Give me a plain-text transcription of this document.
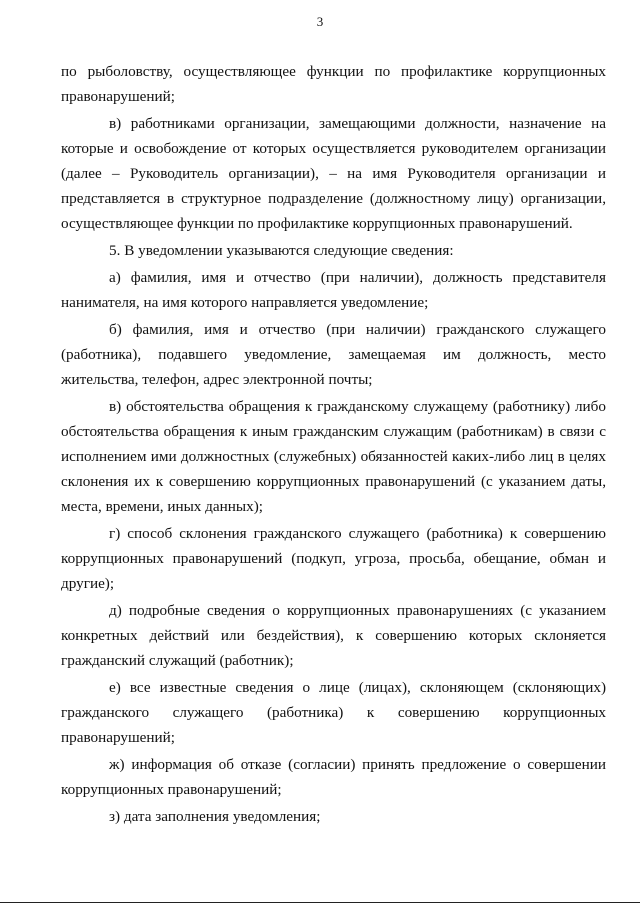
3

по рыболовству, осуществляющее функции по профилактике коррупционных правонарушений;

в) работниками организации, замещающими должности, назначение на которые и освобождение от которых осуществляется руководителем организации (далее – Руководитель организации), – на имя Руководителя организации и представляется в структурное подразделение (должностному лицу) организации, осуществляющее функции по профилактике коррупционных правонарушений.

5. В уведомлении указываются следующие сведения:

а) фамилия, имя и отчество (при наличии), должность представителя нанимателя, на имя которого направляется уведомление;

б) фамилия, имя и отчество (при наличии) гражданского служащего (работника), подавшего уведомление, замещаемая им должность, место жительства, телефон, адрес электронной почты;

в) обстоятельства обращения к гражданскому служащему (работнику) либо обстоятельства обращения к иным гражданским служащим (работникам) в связи с исполнением ими должностных (служебных) обязанностей каких-либо лиц в целях склонения их к совершению коррупционных правонарушений (с указанием даты, места, времени, иных данных);

г) способ склонения гражданского служащего (работника) к совершению коррупционных правонарушений (подкуп, угроза, просьба, обещание, обман и другие);

д) подробные сведения о коррупционных правонарушениях (с указанием конкретных действий или бездействия), к совершению которых склоняется гражданский служащий (работник);

е) все известные сведения о лице (лицах), склоняющем (склоняющих) гражданского служащего (работника) к совершению коррупционных правонарушений;

ж) информация об отказе (согласии) принять предложение о совершении коррупционных правонарушений;

з) дата заполнения уведомления;
